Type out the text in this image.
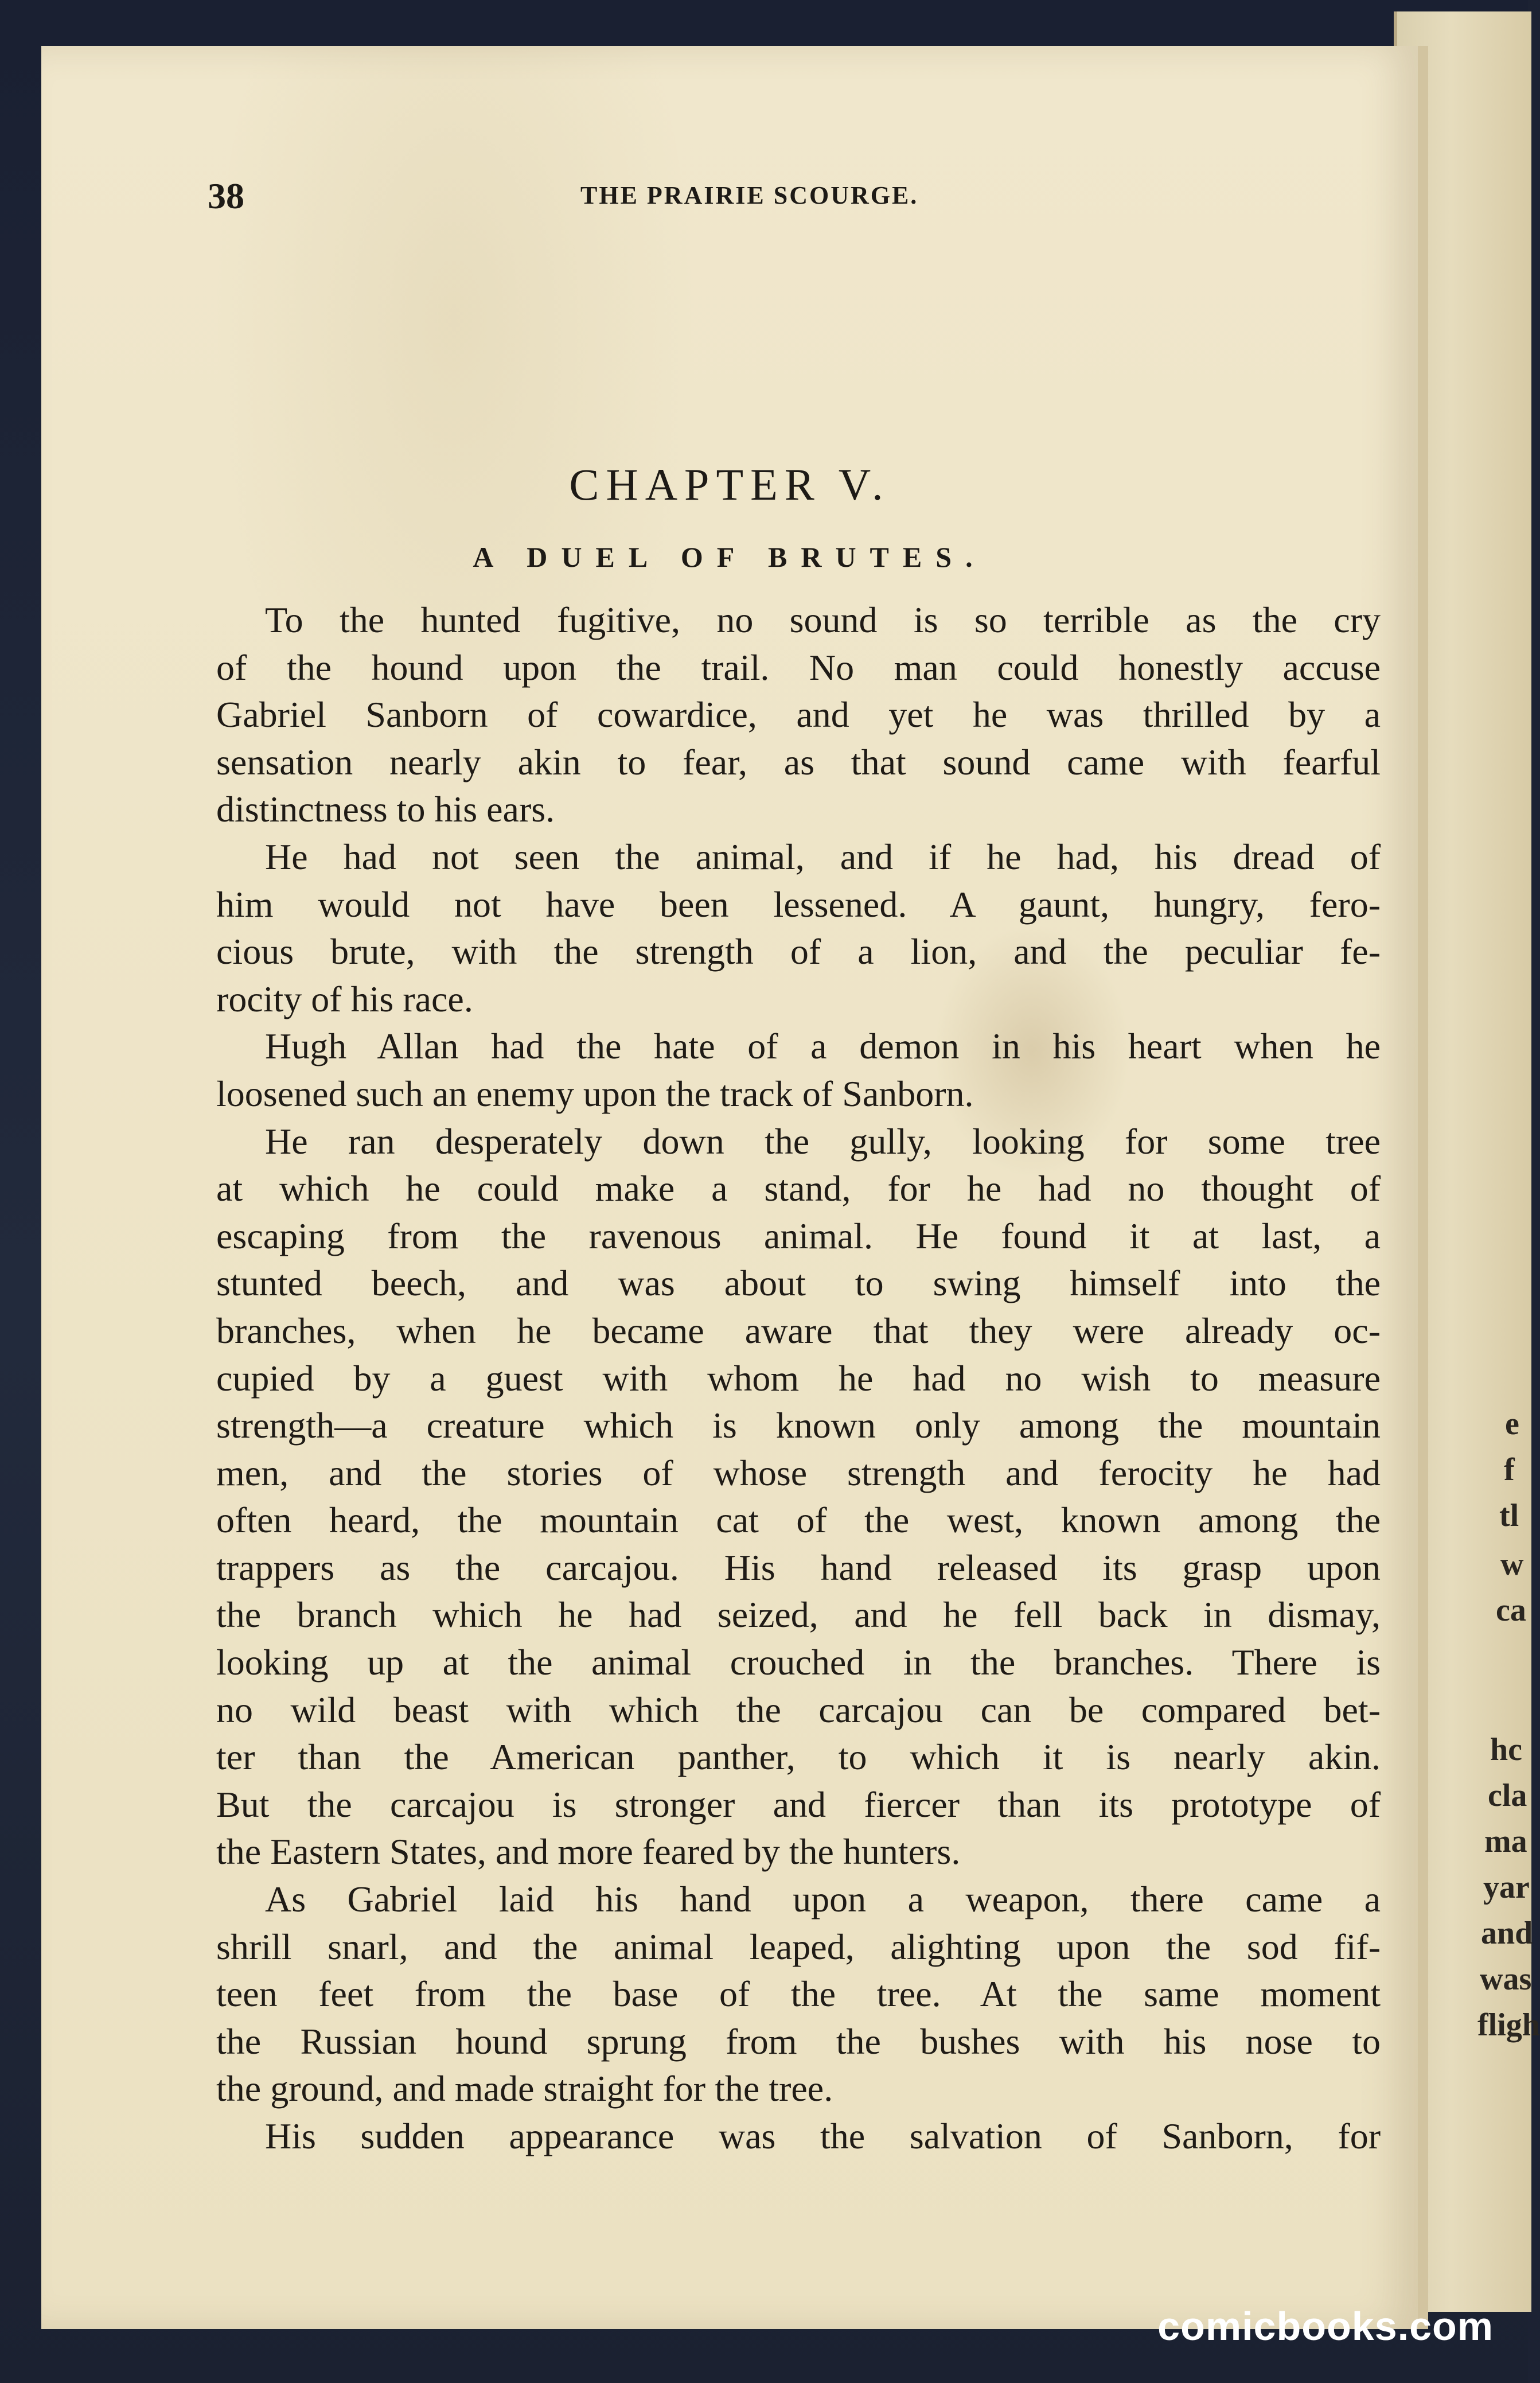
e
f
tl
w
ca
hc
cla
ma
yar
and
was
fligh
38	THE PRAIRIE SCOURGE.
CHAPTER V.
A DUEL OF BRUTES.
To the hunted fugitive, no sound is so terrible as the cry
of the hound upon the trail. No man could honestly accuse
Gabriel Sanborn of cowardice, and yet he was thrilled by a
sensation nearly akin to fear, as that sound came with fearful
distinctness to his ears.
He had not seen the animal, and if he had, his dread of
him would not have been lessened. A gaunt, hungry, fero-
cious brute, with the strength of a lion, and the peculiar fe-
rocity of his race.
Hugh Allan had the hate of a demon in his heart when he
loosened such an enemy upon the track of Sanborn.
He ran desperately down the gully, looking for some tree
at which he could make a stand, for he had no thought of
escaping from the ravenous animal. He found it at last, a
stunted beech, and was about to swing himself into the
branches, when he became aware that they were already oc-
cupied by a guest with whom he had no wish to measure
strength—a creature which is known only among the mountain
men, and the stories of whose strength and ferocity he had
often heard, the mountain cat of the west, known among the
trappers as the carcajou. His hand released its grasp upon
the branch which he had seized, and he fell back in dismay,
looking up at the animal crouched in the branches. There is
no wild beast with which the carcajou can be compared bet-
ter than the American panther, to which it is nearly akin.
But the carcajou is stronger and fiercer than its prototype of
the Eastern States, and more feared by the hunters.
As Gabriel laid his hand upon a weapon, there came a
shrill snarl, and the animal leaped, alighting upon the sod fif-
teen feet from the base of the tree. At the same moment
the Russian hound sprung from the bushes with his nose to
the ground, and made straight for the tree.
His sudden appearance was the salvation of Sanborn, for
comicbooks.com
